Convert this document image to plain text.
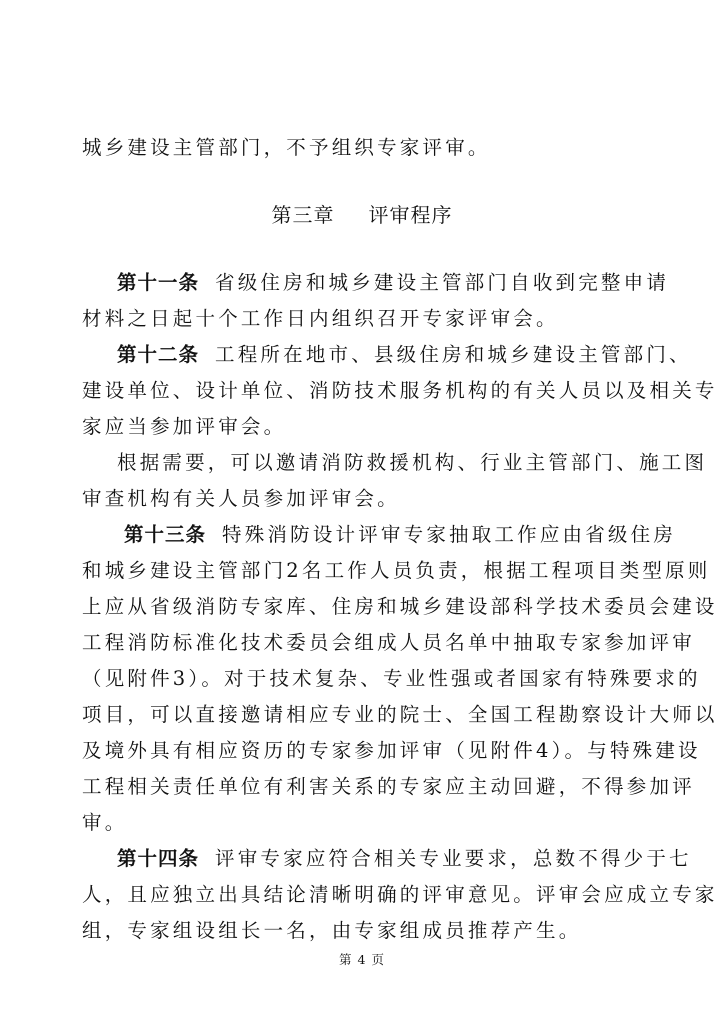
城乡建设主管部门，不予组织专家评审。
第三章 评审程序
第十一条 省级住房和城乡建设主管部门自收到完整申请
材料之日起十个工作日内组织召开专家评审会。
第十二条 工程所在地市、县级住房和城乡建设主管部门、
建设单位、设计单位、消防技术服务机构的有关人员以及相关专
家应当参加评审会。
根据需要，可以邀请消防救援机构、行业主管部门、施工图
审查机构有关人员参加评审会。
第十三条 特殊消防设计评审专家抽取工作应由省级住房
和城乡建设主管部门2名工作人员负责，根据工程项目类型原则
上应从省级消防专家库、住房和城乡建设部科学技术委员会建设
工程消防标准化技术委员会组成人员名单中抽取专家参加评审
（见附件3）。对于技术复杂、专业性强或者国家有特殊要求的
项目，可以直接邀请相应专业的院士、全国工程勘察设计大师以
及境外具有相应资历的专家参加评审（见附件4）。与特殊建设
工程相关责任单位有利害关系的专家应主动回避，不得参加评
审。
第十四条 评审专家应符合相关专业要求，总数不得少于七
人，且应独立出具结论清晰明确的评审意见。评审会应成立专家
组，专家组设组长一名，由专家组成员推荐产生。
第 4 页
